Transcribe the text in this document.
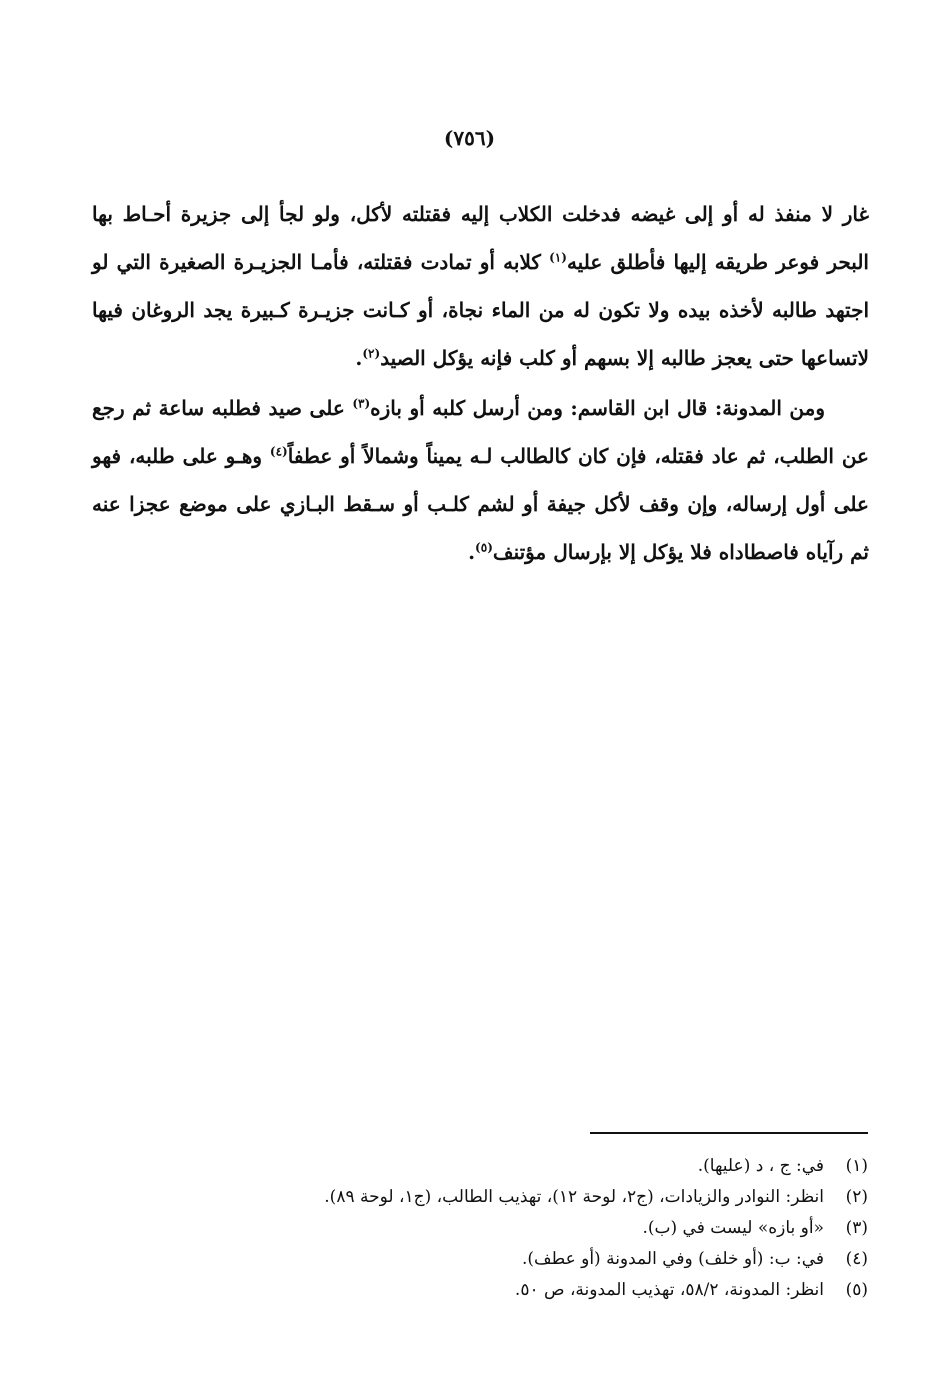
(٧٥٦)

غار لا منفذ له أو إلى غيضه فدخلت الكلاب إليه فقتلته لأكل، ولو لجأ إلى جزيرة أحـاط بها البحر فوعر طريقه إليها فأطلق عليه$^{(١)}$ كلابه أو تمادت فقتلته، فأمـا الجزيـرة الصغيرة التي لو اجتهد طالبه لأخذه بيده ولا تكون له من الماء نجاة، أو كـانت جزيـرة كـبيرة يجد الروغان فيها لاتساعها حتى يعجز طالبه إلا بسهم أو كلب فإنه يؤكل الصيد$^{(٢)}$.

ومن المدونة: قال ابن القاسم: ومن أرسل كلبه أو بازه$^{(٣)}$ على صيد فطلبه ساعة ثم رجع عن الطلب، ثم عاد فقتله، فإن كان كالطالب لـه يميناً وشمالاً أو عطفاً$^{(٤)}$ وهـو على طلبه، فهو على أول إرساله، وإن وقف لأكل جيفة أو لشم كلـب أو سـقط البـازي على موضع عجزا عنه ثم رآياه فاصطاداه فلا يؤكل إلا بإرسال مؤتنف$^{(٥)}$.

(١)
في: ج ، د (عليها).
(٢)
انظر: النوادر والزيادات، (ج٢، لوحة ١٢)، تهذيب الطالب، (ج١، لوحة ٨٩).
(٣)
«أو بازه» ليست في (ب).
(٤)
في: ب: (أو خلف) وفي المدونة (أو عطف).
(٥)
انظر: المدونة، ٥٨/٢، تهذيب المدونة، ص ٥٠.
